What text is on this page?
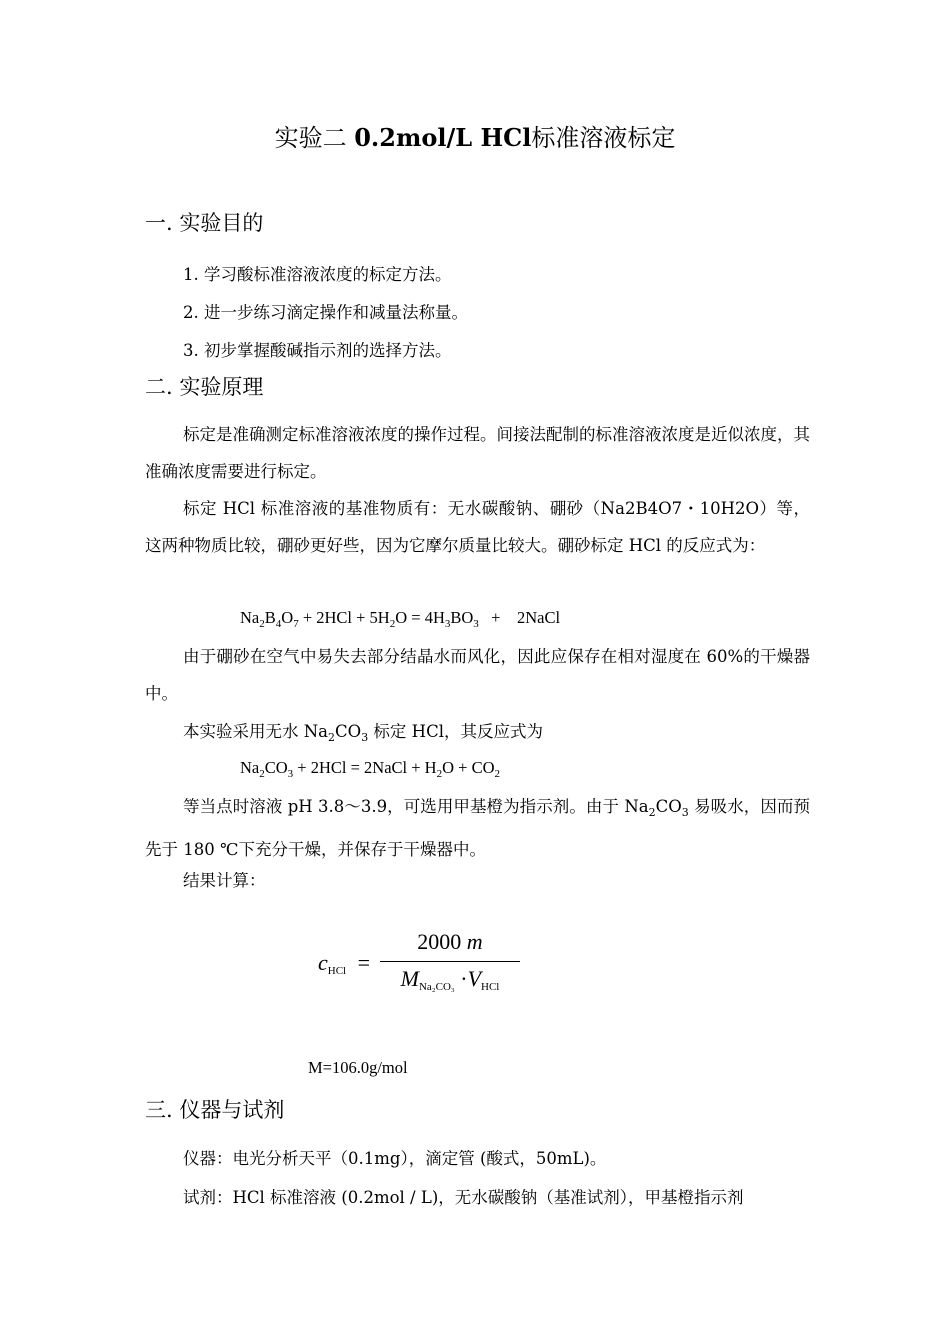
实验二 0.2mol/L HCl标准溶液标定
一. 实验目的
1. 学习酸标准溶液浓度的标定方法。
2. 进一步练习滴定操作和减量法称量。
3. 初步掌握酸碱指示剂的选择方法。
二. 实验原理
标定是准确测定标准溶液浓度的操作过程。间接法配制的标准溶液浓度是近似浓度，其准确浓度需要进行标定。
标定 HCl 标准溶液的基准物质有：无水碳酸钠、硼砂（Na2B4O7・10H2O）等，这两种物质比较，硼砂更好些，因为它摩尔质量比较大。硼砂标定 HCl 的反应式为：
$Na_2B_4O_7 + 2HCl + 5H_2O = 4H_3BO_3$   +    2NaCl
由于硼砂在空气中易失去部分结晶水而风化，因此应保存在相对湿度在 60%的干燥器中。
本实验采用无水 $Na_2CO_3$ 标定 HCl，其反应式为
$Na_2CO_3 + 2HCl$ = 2NaCl + $H_2O + CO_2$
等当点时溶液 pH 3.8～3.9，可选用甲基橙为指示剂。由于 $Na_2CO_3$ 易吸水，因而预先于 180 ℃下充分干燥，并保存于干燥器中。
结果计算：
$c_{HCl}$ =
2000 m
$M_{Na_2CO_3} \cdot V_{HCl}$
M=106.0g/mol
三. 仪器与试剂
仪器：电光分析天平（0.1mg），滴定管 (酸式，50mL)。
试剂：HCl 标准溶液 (0.2mol / L)，无水碳酸钠（基准试剂），甲基橙指示剂
